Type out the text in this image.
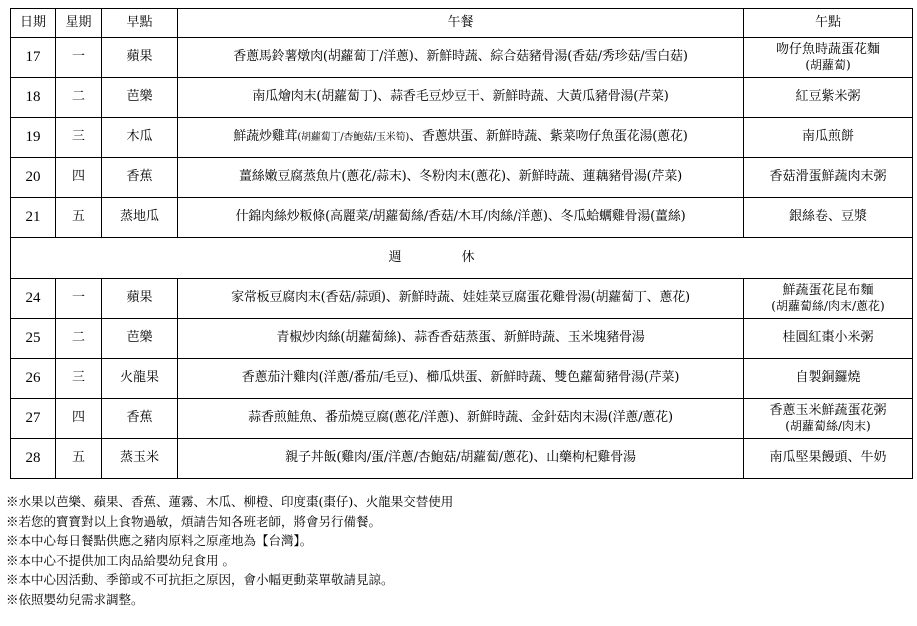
日期	星期	早點	午餐	午點
17	一	蘋果	香蔥馬鈴薯燉肉(胡蘿蔔丁/洋蔥)、新鮮時蔬、綜合菇豬骨湯(香菇/秀珍菇/雪白菇)	吻仔魚時蔬蛋花麵
(胡蘿蔔)

18	二	芭樂	南瓜燴肉末(胡蘿蔔丁)、蒜香毛豆炒豆干、新鮮時蔬、大黃瓜豬骨湯(芹菜)	紅豆紫米粥

19	三	木瓜	鮮蔬炒雞茸(胡蘿蔔丁/杏鮑菇/玉米筍)、香蔥烘蛋、新鮮時蔬、紫菜吻仔魚蛋花湯(蔥花)	南瓜煎餅

20	四	香蕉	薑絲嫩豆腐蒸魚片(蔥花/蒜末)、冬粉肉末(蔥花)、新鮮時蔬、蓮藕豬骨湯(芹菜)	香菇滑蛋鮮蔬肉末粥

21	五	蒸地瓜	什錦肉絲炒粄條(高麗菜/胡蘿蔔絲/香菇/木耳/肉絲/洋蔥)、冬瓜蛤蠣雞骨湯(薑絲)	銀絲卷、豆漿

週休				
24	一	蘋果	家常板豆腐肉末(香菇/蒜頭)、新鮮時蔬、娃娃菜豆腐蛋花雞骨湯(胡蘿蔔丁、蔥花)	鮮蔬蛋花昆布麵
(胡蘿蔔絲/肉末/蔥花)

25	二	芭樂	青椒炒肉絲(胡蘿蔔絲)、蒜香香菇蒸蛋、新鮮時蔬、玉米塊豬骨湯	桂圓紅棗小米粥

26	三	火龍果	香蔥茄汁雞肉(洋蔥/番茄/毛豆)、櫛瓜烘蛋、新鮮時蔬、雙色蘿蔔豬骨湯(芹菜)	自製銅鑼燒

27	四	香蕉	蒜香煎鮭魚、番茄燒豆腐(蔥花/洋蔥)、新鮮時蔬、金針菇肉末湯(洋蔥/蔥花)	香蔥玉米鮮蔬蛋花粥
(胡蘿蔔絲/肉末)

28	五	蒸玉米	親子丼飯(雞肉/蛋/洋蔥/杏鮑菇/胡蘿蔔/蔥花)、山藥枸杞雞骨湯	南瓜堅果饅頭、牛奶
※水果以芭樂、蘋果、香蕉、蓮霧、木瓜、柳橙、印度棗(棗仔)、火龍果交替使用
※若您的寶寶對以上食物過敏，煩請告知各班老師，將會另行備餐。
※本中心每日餐點供應之豬肉原料之原產地為【台灣】。
※本中心不提供加工肉品給嬰幼兒食用 。
※本中心因活動、季節或不可抗拒之原因，會小幅更動菜單敬請見諒。
※依照嬰幼兒需求調整。
